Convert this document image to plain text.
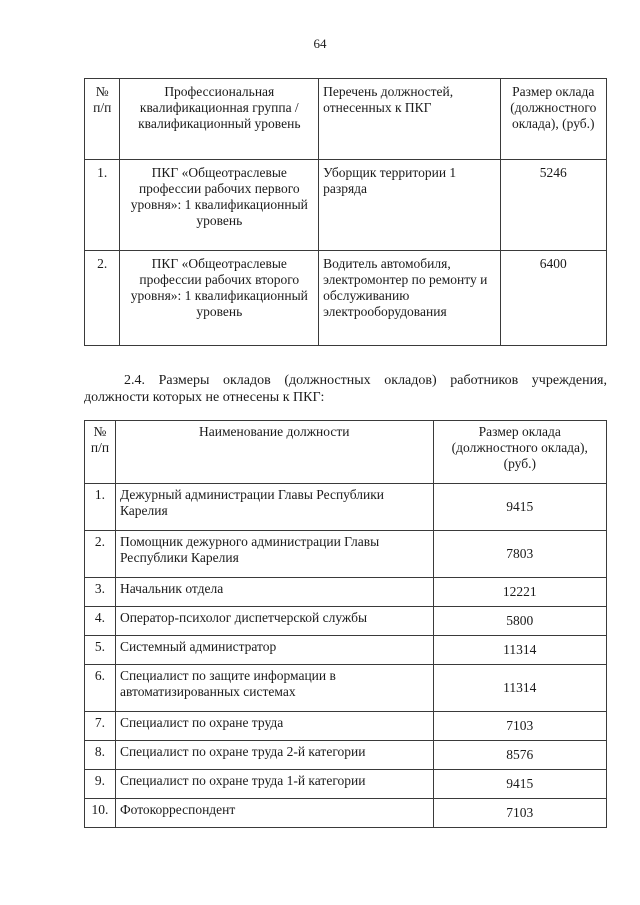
64
№ п/п	Профессиональная квалификационная группа / квалификационный уровень	Перечень должностей, отнесенных к ПКГ	Размер оклада (должностного оклада), (руб.)
1.	ПКГ «Общеотраслевые профессии рабочих первого уровня»: 1 квалификационный уровень	Уборщик территории 1 разряда	5246
2.	ПКГ «Общеотраслевые профессии рабочих второго уровня»: 1 квалификационный уровень	Водитель автомобиля, электромонтер по ремонту и обслуживанию электрооборудования	6400
2.4. Размеры окладов (должностных окладов) работников учреждения,
должности которых не отнесены к ПКГ:
№ п/п	Наименование должности	Размер оклада (должностного оклада), (руб.)
1.	Дежурный администрации Главы Республики Карелия	9415
2.	Помощник дежурного администрации Главы Республики Карелия	7803
3.	Начальник отдела	12221
4.	Оператор-психолог диспетчерской службы	5800
5.	Системный администратор	11314
6.	Специалист по защите информации в автоматизированных системах	11314
7.	Специалист по охране труда	7103
8.	Специалист по охране труда 2-й категории	8576
9.	Специалист по охране труда 1-й категории	9415
10.	Фотокорреспондент	7103
